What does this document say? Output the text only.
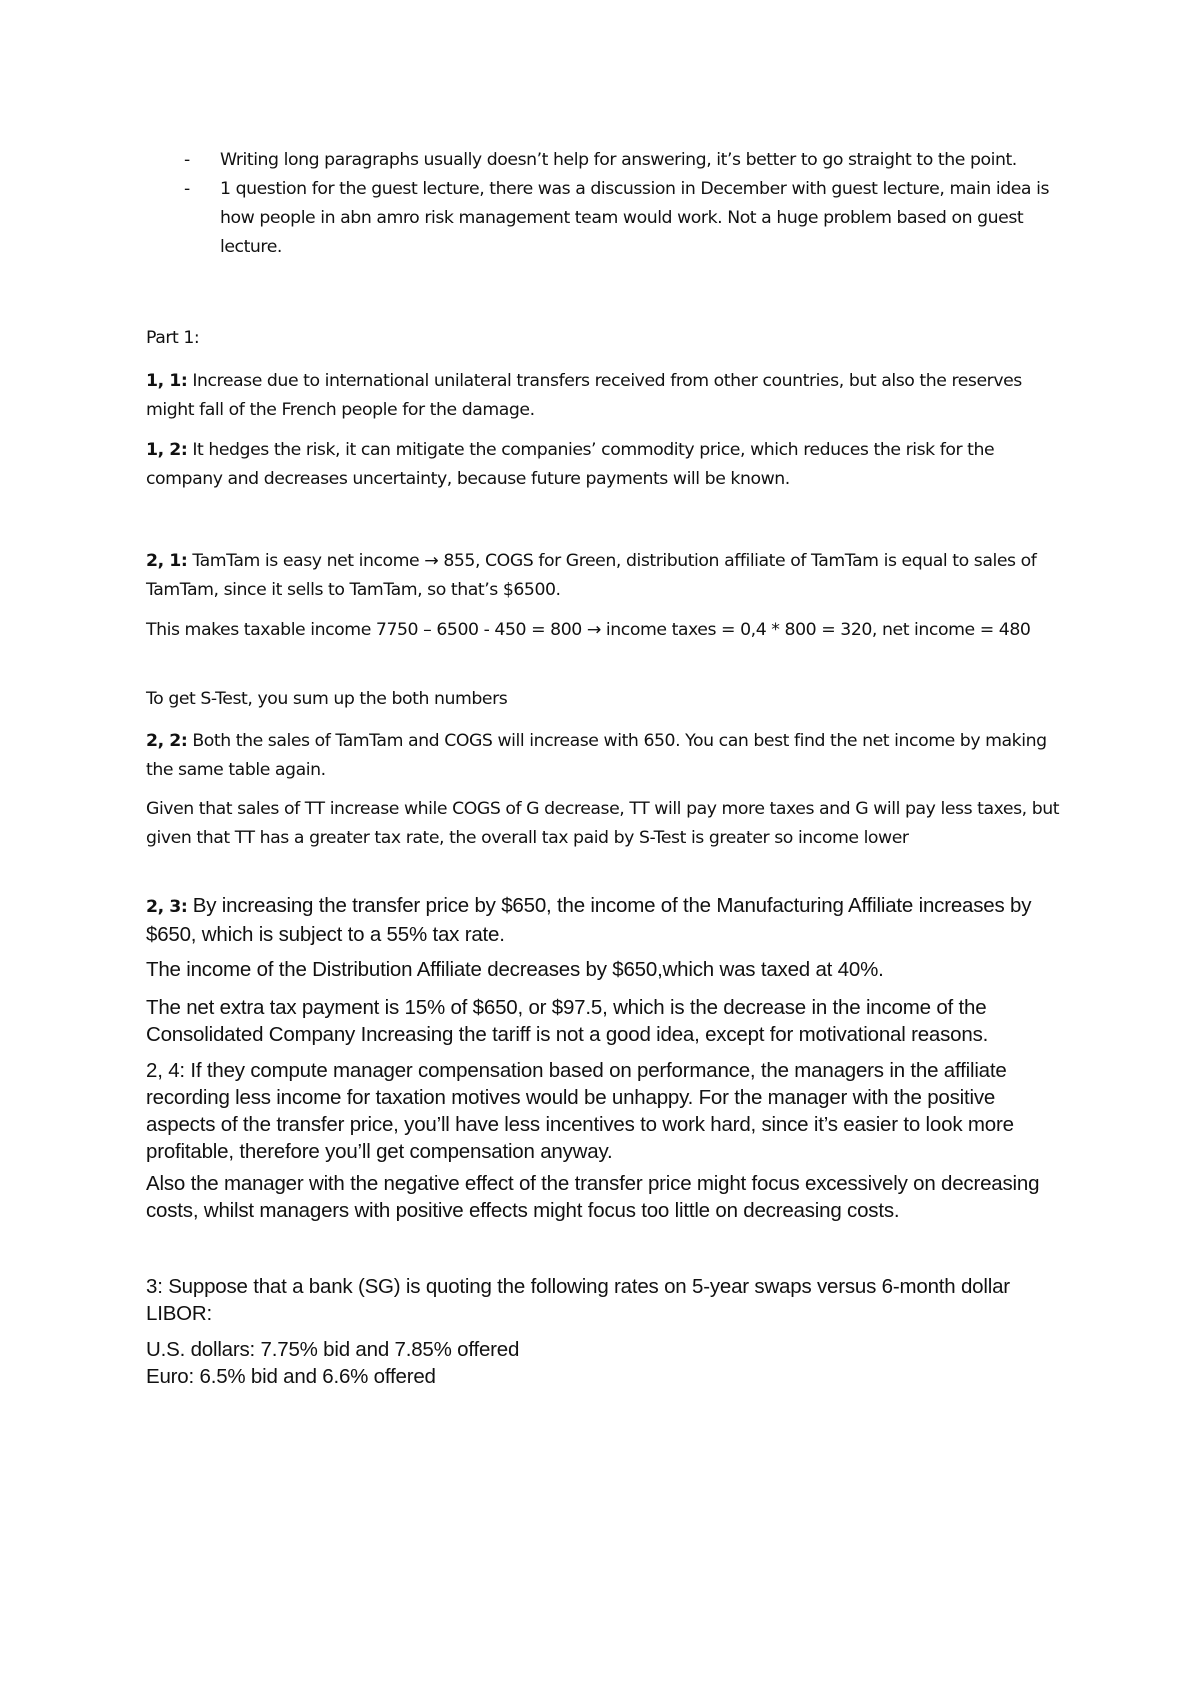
- Writing long paragraphs usually doesn’t help for answering, it’s better to go straight to the point.
- 1 question for the guest lecture, there was a discussion in December with guest lecture, main idea is how people in abn amro risk management team would work. Not a huge problem based on guest lecture.

Part 1:

1, 1: Increase due to international unilateral transfers received from other countries, but also the reserves might fall of the French people for the damage.

1, 2: It hedges the risk, it can mitigate the companies’ commodity price, which reduces the risk for the company and decreases uncertainty, because future payments will be known.

2, 1: TamTam is easy net income → 855, COGS for Green, distribution affiliate of TamTam is equal to sales of TamTam, since it sells to TamTam, so that’s $6500.

This makes taxable income 7750 – 6500 - 450 = 800 → income taxes = 0,4 * 800 = 320, net income = 480

To get S-Test, you sum up the both numbers

2, 2: Both the sales of TamTam and COGS will increase with 650. You can best find the net income by making the same table again.

Given that sales of TT increase while COGS of G decrease, TT will pay more taxes and G will pay less taxes, but given that TT has a greater tax rate, the overall tax paid by S-Test is greater so income lower

2, 3: By increasing the transfer price by $650, the income of the Manufacturing Affiliate increases by $650, which is subject to a 55% tax rate.

The income of the Distribution Affiliate decreases by $650,which was taxed at 40%.

The net extra tax payment is 15% of $650, or $97.5, which is the decrease in the income of the Consolidated Company Increasing the tariff is not a good idea, except for motivational reasons.

2, 4: If they compute manager compensation based on performance, the managers in the affiliate recording less income for taxation motives would be unhappy. For the manager with the positive aspects of the transfer price, you’ll have less incentives to work hard, since it’s easier to look more profitable, therefore you’ll get compensation anyway.

Also the manager with the negative effect of the transfer price might focus excessively on decreasing costs, whilst managers with positive effects might focus too little on decreasing costs.

3: Suppose that a bank (SG) is quoting the following rates on 5-year swaps versus 6-month dollar LIBOR:

U.S. dollars: 7.75% bid and 7.85% offered
Euro: 6.5% bid and 6.6% offered
